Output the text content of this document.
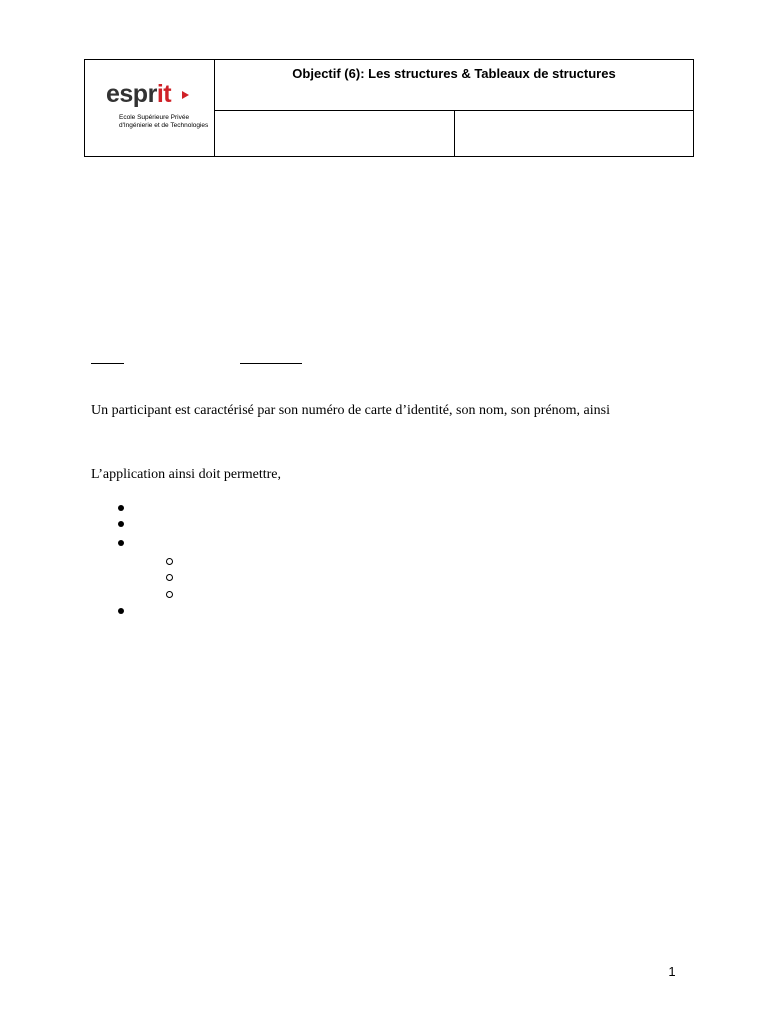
esprit
Ecole Supérieure Privée d'Ingénierie et de Technologies	Objectif (6): Les structures & Tableaux de structures	

Un participant est caractérisé par son numéro de carte d’identité, son nom, son prénom, ainsi
L’application ainsi doit permettre,
1
